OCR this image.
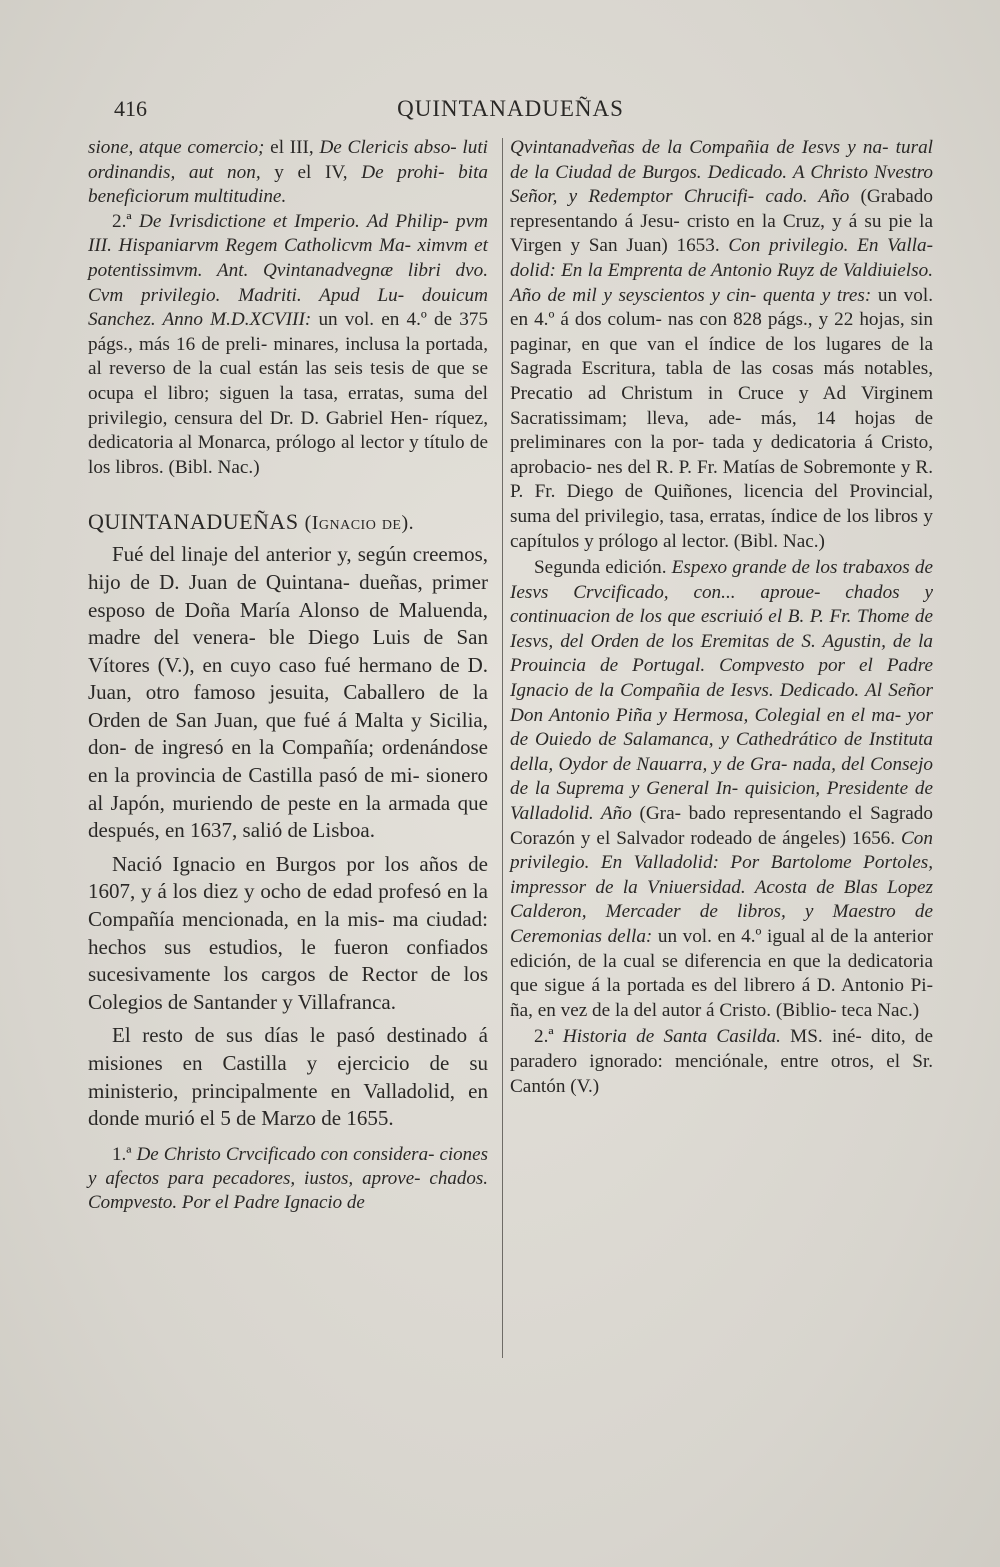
416	QUINTANADUEÑAS

sione, atque comercio; el III, De Clericis abso- luti ordinandis, aut non, y el IV, De prohi- bita beneficiorum multitudine.

2.ª De Ivrisdictione et Imperio. Ad Philip- pvm III. Hispaniarvm Regem Catholicvm Ma- ximvm et potentissimvm. Ant. Qvintanadvegnæ libri dvo. Cvm privilegio. Madriti. Apud Lu- douicum Sanchez. Anno M.D.XCVIII: un vol. en 4.º de 375 págs., más 16 de preli- minares, inclusa la portada, al reverso de la cual están las seis tesis de que se ocupa el libro; siguen la tasa, erratas, suma del privilegio, censura del Dr. D. Gabriel Hen- ríquez, dedicatoria al Monarca, prólogo al lector y título de los libros. (Bibl. Nac.)

QUINTANADUEÑAS (Ignacio de).

Fué del linaje del anterior y, según creemos, hijo de D. Juan de Quintana- dueñas, primer esposo de Doña María Alonso de Maluenda, madre del venera- ble Diego Luis de San Vítores (V.), en cuyo caso fué hermano de D. Juan, otro famoso jesuita, Caballero de la Orden de San Juan, que fué á Malta y Sicilia, don- de ingresó en la Compañía; ordenándose en la provincia de Castilla pasó de mi- sionero al Japón, muriendo de peste en la armada que después, en 1637, salió de Lisboa.

Nació Ignacio en Burgos por los años de 1607, y á los diez y ocho de edad profesó en la Compañía mencionada, en la mis- ma ciudad: hechos sus estudios, le fueron confiados sucesivamente los cargos de Rector de los Colegios de Santander y Villafranca.

El resto de sus días le pasó destinado á misiones en Castilla y ejercicio de su ministerio, principalmente en Valladolid, en donde murió el 5 de Marzo de 1655.

1.ª De Christo Crvcificado con considera- ciones y afectos para pecadores, iustos, aprove- chados. Compvesto. Por el Padre Ignacio de

Qvintanadveñas de la Compañia de Iesvs y na- tural de la Ciudad de Burgos. Dedicado. A Christo Nvestro Señor, y Redemptor Chrucifi- cado. Año (Grabado representando á Jesu- cristo en la Cruz, y á su pie la Virgen y San Juan) 1653. Con privilegio. En Valla- dolid: En la Emprenta de Antonio Ruyz de Valdiuielso. Año de mil y seyscientos y cin- quenta y tres: un vol. en 4.º á dos colum- nas con 828 págs., y 22 hojas, sin paginar, en que van el índice de los lugares de la Sagrada Escritura, tabla de las cosas más notables, Precatio ad Christum in Cruce y Ad Virginem Sacratissimam; lleva, ade- más, 14 hojas de preliminares con la por- tada y dedicatoria á Cristo, aprobacio- nes del R. P. Fr. Matías de Sobremonte y R. P. Fr. Diego de Quiñones, licencia del Provincial, suma del privilegio, tasa, erratas, índice de los libros y capítulos y prólogo al lector. (Bibl. Nac.)

Segunda edición. Espexo grande de los trabaxos de Iesvs Crvcificado, con... aproue- chados y continuacion de los que escriuió el B. P. Fr. Thome de Iesvs, del Orden de los Eremitas de S. Agustin, de la Prouincia de Portugal. Compvesto por el Padre Ignacio de la Compañia de Iesvs. Dedicado. Al Señor Don Antonio Piña y Hermosa, Colegial en el ma- yor de Ouiedo de Salamanca, y Cathedrático de Instituta della, Oydor de Nauarra, y de Gra- nada, del Consejo de la Suprema y General In- quisicion, Presidente de Valladolid. Año (Gra- bado representando el Sagrado Corazón y el Salvador rodeado de ángeles) 1656. Con privilegio. En Valladolid: Por Bartolome Portoles, impressor de la Vniuersidad. Acosta de Blas Lopez Calderon, Mercader de libros, y Maestro de Ceremonias della: un vol. en 4.º igual al de la anterior edición, de la cual se diferencia en que la dedicatoria que sigue á la portada es del librero á D. Antonio Pi- ña, en vez de la del autor á Cristo. (Biblio- teca Nac.)

2.ª Historia de Santa Casilda. MS. iné- dito, de paradero ignorado: menciónale, entre otros, el Sr. Cantón (V.)
